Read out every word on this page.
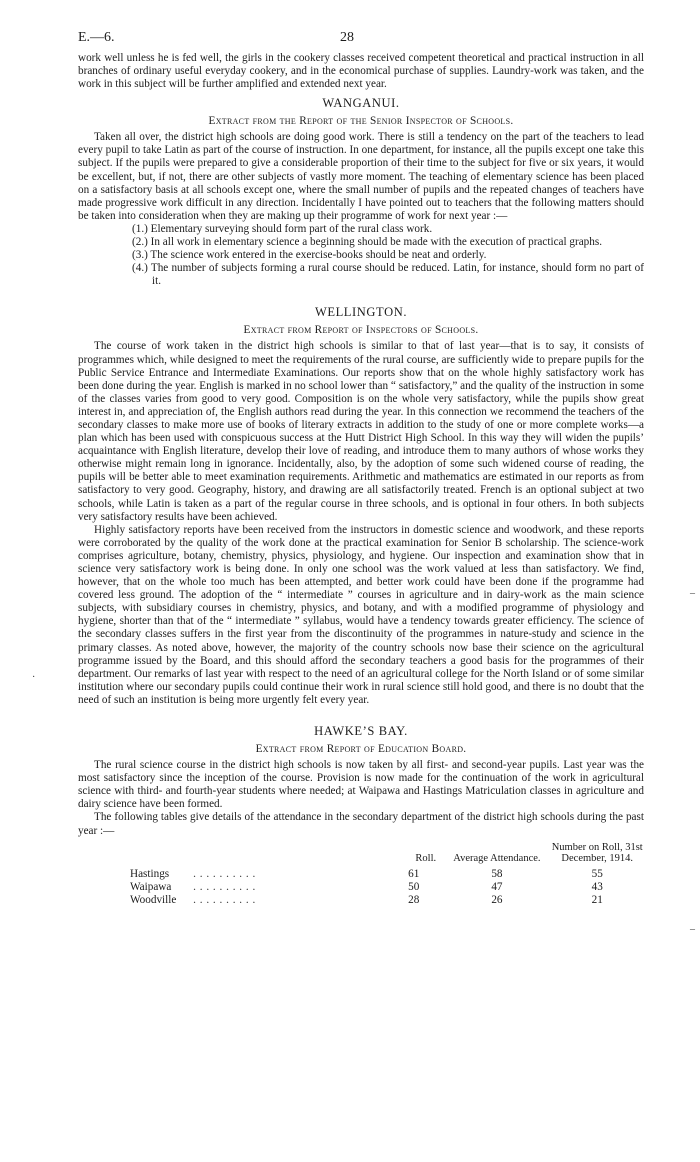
E.—6.	28

work well unless he is fed well, the girls in the cookery classes received competent theoretical and practical instruction in all branches of ordinary useful everyday cookery, and in the economical purchase of supplies. Laundry-work was taken, and the work in this subject will be further amplified and extended next year.

WANGANUI.
Extract from the Report of the Senior Inspector of Schools.

Taken all over, the district high schools are doing good work. There is still a tendency on the part of the teachers to lead every pupil to take Latin as part of the course of instruction. In one department, for instance, all the pupils except one take this subject. If the pupils were prepared to give a considerable proportion of their time to the subject for five or six years, it would be excellent, but, if not, there are other subjects of vastly more moment. The teaching of elementary science has been placed on a satisfactory basis at all schools except one, where the small number of pupils and the repeated changes of teachers have made progressive work difficult in any direction. Incidentally I have pointed out to teachers that the following matters should be taken into consideration when they are making up their programme of work for next year :—

(1.) Elementary surveying should form part of the rural class work.
(2.) In all work in elementary science a beginning should be made with the execution of practical graphs.
(3.) The science work entered in the exercise-books should be neat and orderly.
(4.) The number of subjects forming a rural course should be reduced. Latin, for instance, should form no part of it.
WELLINGTON.
Extract from Report of Inspectors of Schools.

The course of work taken in the district high schools is similar to that of last year—that is to say, it consists of programmes which, while designed to meet the requirements of the rural course, are sufficiently wide to prepare pupils for the Public Service Entrance and Intermediate Examinations. Our reports show that on the whole highly satisfactory work has been done during the year. English is marked in no school lower than “ satisfactory,” and the quality of the instruction in some of the classes varies from good to very good. Composition is on the whole very satisfactory, while the pupils show great interest in, and appreciation of, the English authors read during the year. In this connection we recommend the teachers of the secondary classes to make more use of books of literary extracts in addition to the study of one or more complete works—a plan which has been used with conspicuous success at the Hutt District High School. In this way they will widen the pupils’ acquaintance with English literature, develop their love of reading, and introduce them to many authors of whose works they otherwise might remain long in ignorance. Incidentally, also, by the adoption of some such widened course of reading, the pupils will be better able to meet examination requirements. Arithmetic and mathematics are estimated in our reports as from satisfactory to very good. Geography, history, and drawing are all satisfactorily treated. French is an optional subject at two schools, while Latin is taken as a part of the regular course in three schools, and is optional in four others. In both subjects very satisfactory results have been achieved.

Highly satisfactory reports have been received from the instructors in domestic science and woodwork, and these reports were corroborated by the quality of the work done at the practical examination for Senior B scholarship. The science-work comprises agriculture, botany, chemistry, physics, physiology, and hygiene. Our inspection and examination show that in science very satisfactory work is being done. In only one school was the work valued at less than satisfactory. We find, however, that on the whole too much has been attempted, and better work could have been done if the programme had covered less ground. The adoption of the “ intermediate ” courses in agriculture and in dairy-work as the main science subjects, with subsidiary courses in chemistry, physics, and botany, and with a modified programme of physiology and hygiene, shorter than that of the “ intermediate ” syllabus, would have a tendency towards greater efficiency. The science of the secondary classes suffers in the first year from the discontinuity of the programmes in nature-study and science in the primary classes. As noted above, however, the majority of the country schools now base their science on the agricultural programme issued by the Board, and this should afford the secondary teachers a good basis for the programmes of their department. Our remarks of last year with respect to the need of an agricultural college for the North Island or of some similar institution where our secondary pupils could continue their work in rural science still hold good, and there is no doubt that the need of such an institution is being more urgently felt every year.

HAWKE’S BAY.
Extract from Report of Education Board.

The rural science course in the district high schools is now taken by all first- and second-year pupils. Last year was the most satisfactory since the inception of the course. Provision is now made for the continuation of the work in agricultural science with third- and fourth-year students where needed; at Waipawa and Hastings Matriculation classes in agriculture and dairy science have been formed.

The following tables give details of the attendance in the secondary department of the district high schools during the past year :—

		Roll.	Average Attendance.	Number on Roll, 31st December, 1914.
Hastings	. . . . . . . . . .	61	58	55
Waipawa	. . . . . . . . . .	50	47	43
Woodville	. . . . . . . . . .	28	26	21
–
·
–
